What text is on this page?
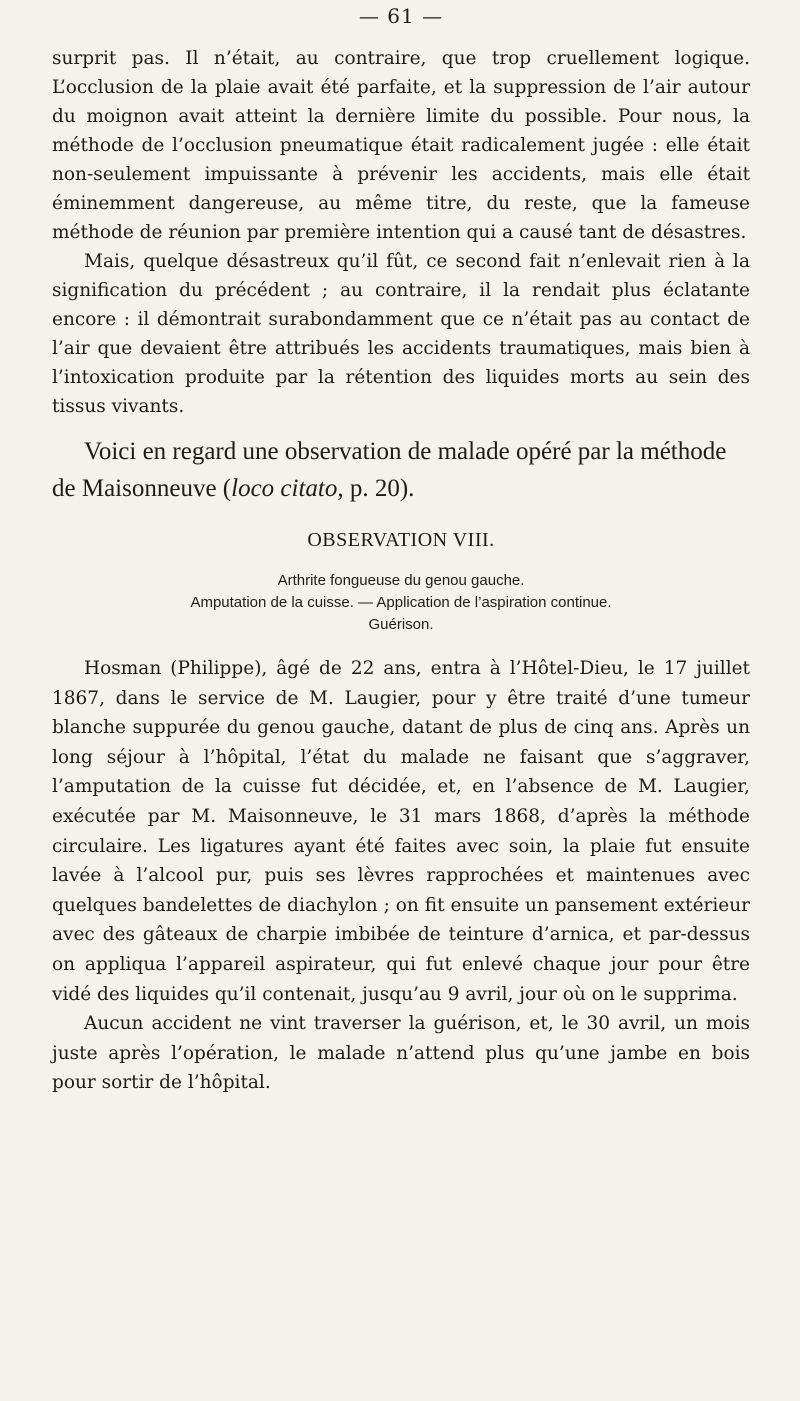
— 61 —

surprit pas. Il n’était, au contraire, que trop cruellement logique. L’occlusion de la plaie avait été parfaite, et la suppression de l’air autour du moignon avait atteint la dernière limite du possible. Pour nous, la méthode de l’occlusion pneumatique était radicalement jugée : elle était non-seulement impuissante à prévenir les accidents, mais elle était éminemment dangereuse, au même titre, du reste, que la fameuse méthode de réunion par première intention qui a causé tant de désastres.

Mais, quelque désastreux qu’il fût, ce second fait n’enlevait rien à la signification du précédent ; au contraire, il la rendait plus éclatante encore : il démontrait surabondamment que ce n’était pas au contact de l’air que devaient être attribués les accidents traumatiques, mais bien à l’intoxication produite par la rétention des liquides morts au sein des tissus vivants.

Voici en regard une observation de malade opéré par la méthode de Maisonneuve (loco citato, p. 20).

OBSERVATION VIII.
Arthrite fongueuse du genou gauche.
Amputation de la cuisse. — Application de l’aspiration continue.
Guérison.

Hosman (Philippe), âgé de 22 ans, entra à l’Hôtel-Dieu, le 17 juillet 1867, dans le service de M. Laugier, pour y être traité d’une tumeur blanche suppurée du genou gauche, datant de plus de cinq ans. Après un long séjour à l’hôpital, l’état du malade ne faisant que s’aggraver, l’amputation de la cuisse fut décidée, et, en l’absence de M. Laugier, exécutée par M. Maisonneuve, le 31 mars 1868, d’après la méthode circulaire. Les ligatures ayant été faites avec soin, la plaie fut ensuite lavée à l’alcool pur, puis ses lèvres rapprochées et maintenues avec quelques bandelettes de diachylon ; on fit ensuite un pansement extérieur avec des gâteaux de charpie imbibée de teinture d’arnica, et par-dessus on appliqua l’appareil aspirateur, qui fut enlevé chaque jour pour être vidé des liquides qu’il contenait, jusqu’au 9 avril, jour où on le supprima.

Aucun accident ne vint traverser la guérison, et, le 30 avril, un mois juste après l’opération, le malade n’attend plus qu’une jambe en bois pour sortir de l’hôpital.
